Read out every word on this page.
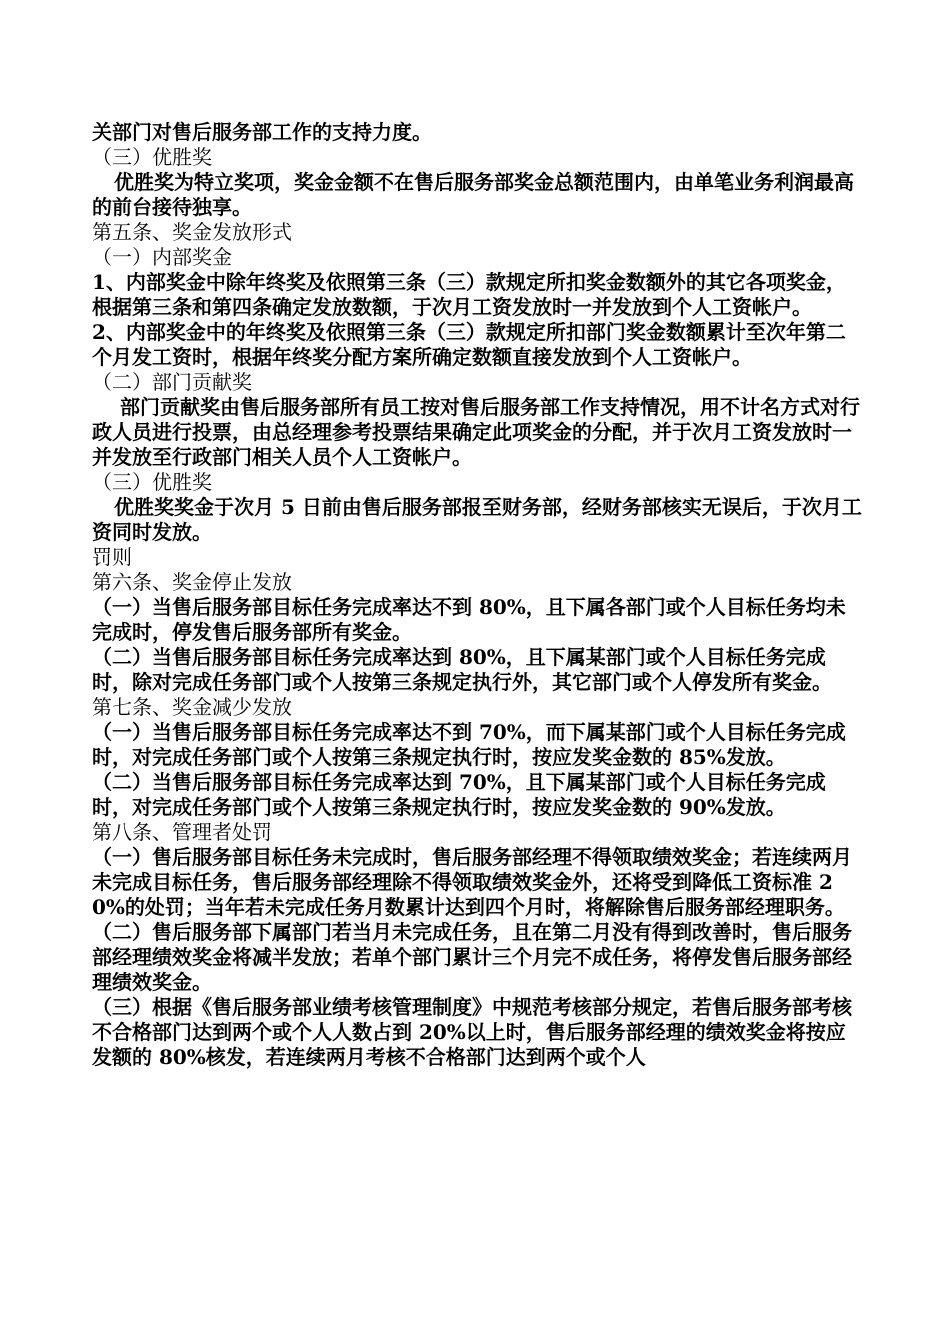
关部门对售后服务部工作的支持力度。

（三）优胜奖

优胜奖为特立奖项，奖金金额不在售后服务部奖金总额范围内，由单笔业务利润最高的前台接待独享。

第五条、奖金发放形式

（一）内部奖金

1、内部奖金中除年终奖及依照第三条（三）款规定所扣奖金数额外的其它各项奖金，根据第三条和第四条确定发放数额，于次月工资发放时一并发放到个人工资帐户。

2、内部奖金中的年终奖及依照第三条（三）款规定所扣部门奖金数额累计至次年第二个月发工资时，根据年终奖分配方案所确定数额直接发放到个人工资帐户。

（二）部门贡献奖

部门贡献奖由售后服务部所有员工按对售后服务部工作支持情况，用不计名方式对行政人员进行投票，由总经理参考投票结果确定此项奖金的分配，并于次月工资发放时一并发放至行政部门相关人员个人工资帐户。

（三）优胜奖

优胜奖奖金于次月 5 日前由售后服务部报至财务部，经财务部核实无误后，于次月工资同时发放。

罚则

第六条、奖金停止发放

（一）当售后服务部目标任务完成率达不到 80%，且下属各部门或个人目标任务均未完成时，停发售后服务部所有奖金。

（二）当售后服务部目标任务完成率达到 80%，且下属某部门或个人目标任务完成时，除对完成任务部门或个人按第三条规定执行外，其它部门或个人停发所有奖金。

第七条、奖金减少发放

（一）当售后服务部目标任务完成率达不到 70%，而下属某部门或个人目标任务完成时，对完成任务部门或个人按第三条规定执行时，按应发奖金数的 85%发放。

（二）当售后服务部目标任务完成率达到 70%，且下属某部门或个人目标任务完成时，对完成任务部门或个人按第三条规定执行时，按应发奖金数的 90%发放。

第八条、管理者处罚

（一）售后服务部目标任务未完成时，售后服务部经理不得领取绩效奖金；若连续两月未完成目标任务，售后服务部经理除不得领取绩效奖金外，还将受到降低工资标准 20%的处罚；当年若未完成任务月数累计达到四个月时，将解除售后服务部经理职务。

（二）售后服务部下属部门若当月未完成任务，且在第二月没有得到改善时，售后服务部经理绩效奖金将减半发放；若单个部门累计三个月完不成任务，将停发售后服务部经理绩效奖金。

（三）根据《售后服务部业绩考核管理制度》中规范考核部分规定，若售后服务部考核不合格部门达到两个或个人人数占到 20%以上时，售后服务部经理的绩效奖金将按应发额的 80%核发，若连续两月考核不合格部门达到两个或个人
